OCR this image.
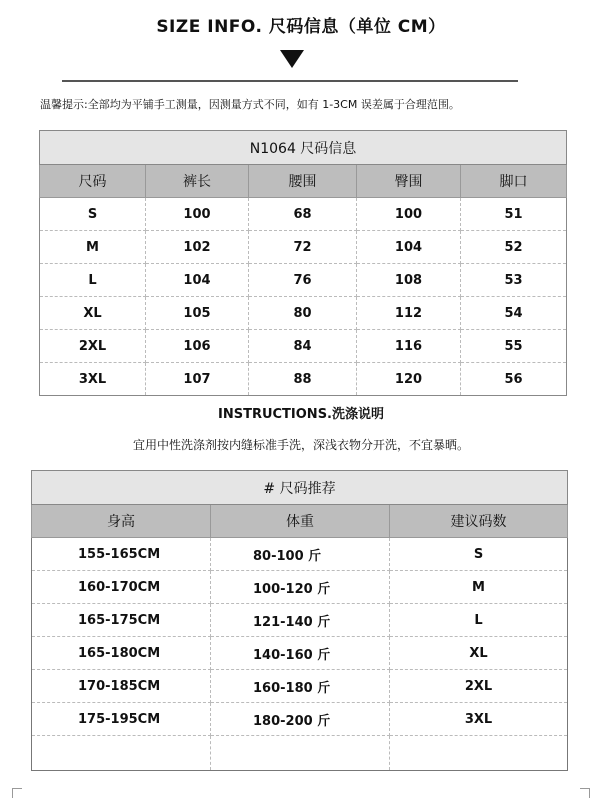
SIZE INFO. 尺码信息（单位 CM）
温馨提示:全部均为平铺手工测量，因测量方式不同，如有 1-3CM 误差属于合理范围。
N1064 尺码信息				
尺码	裤长	腰围	臀围	脚口
S	100	68	100	51
M	102	72	104	52
L	104	76	108	53
XL	105	80	112	54
2XL	106	84	116	55
3XL	107	88	120	56
INSTRUCTIONS.洗涤说明
宜用中性洗涤剂按内缝标准手洗，深浅衣物分开洗，不宜暴晒。
# 尺码推荐		
身高	体重	建议码数
155-165CM	80-100 斤	S
160-170CM	100-120 斤	M
165-175CM	121-140 斤	L
165-180CM	140-160 斤	XL
170-185CM	160-180 斤	2XL
175-195CM	180-200 斤	3XL
